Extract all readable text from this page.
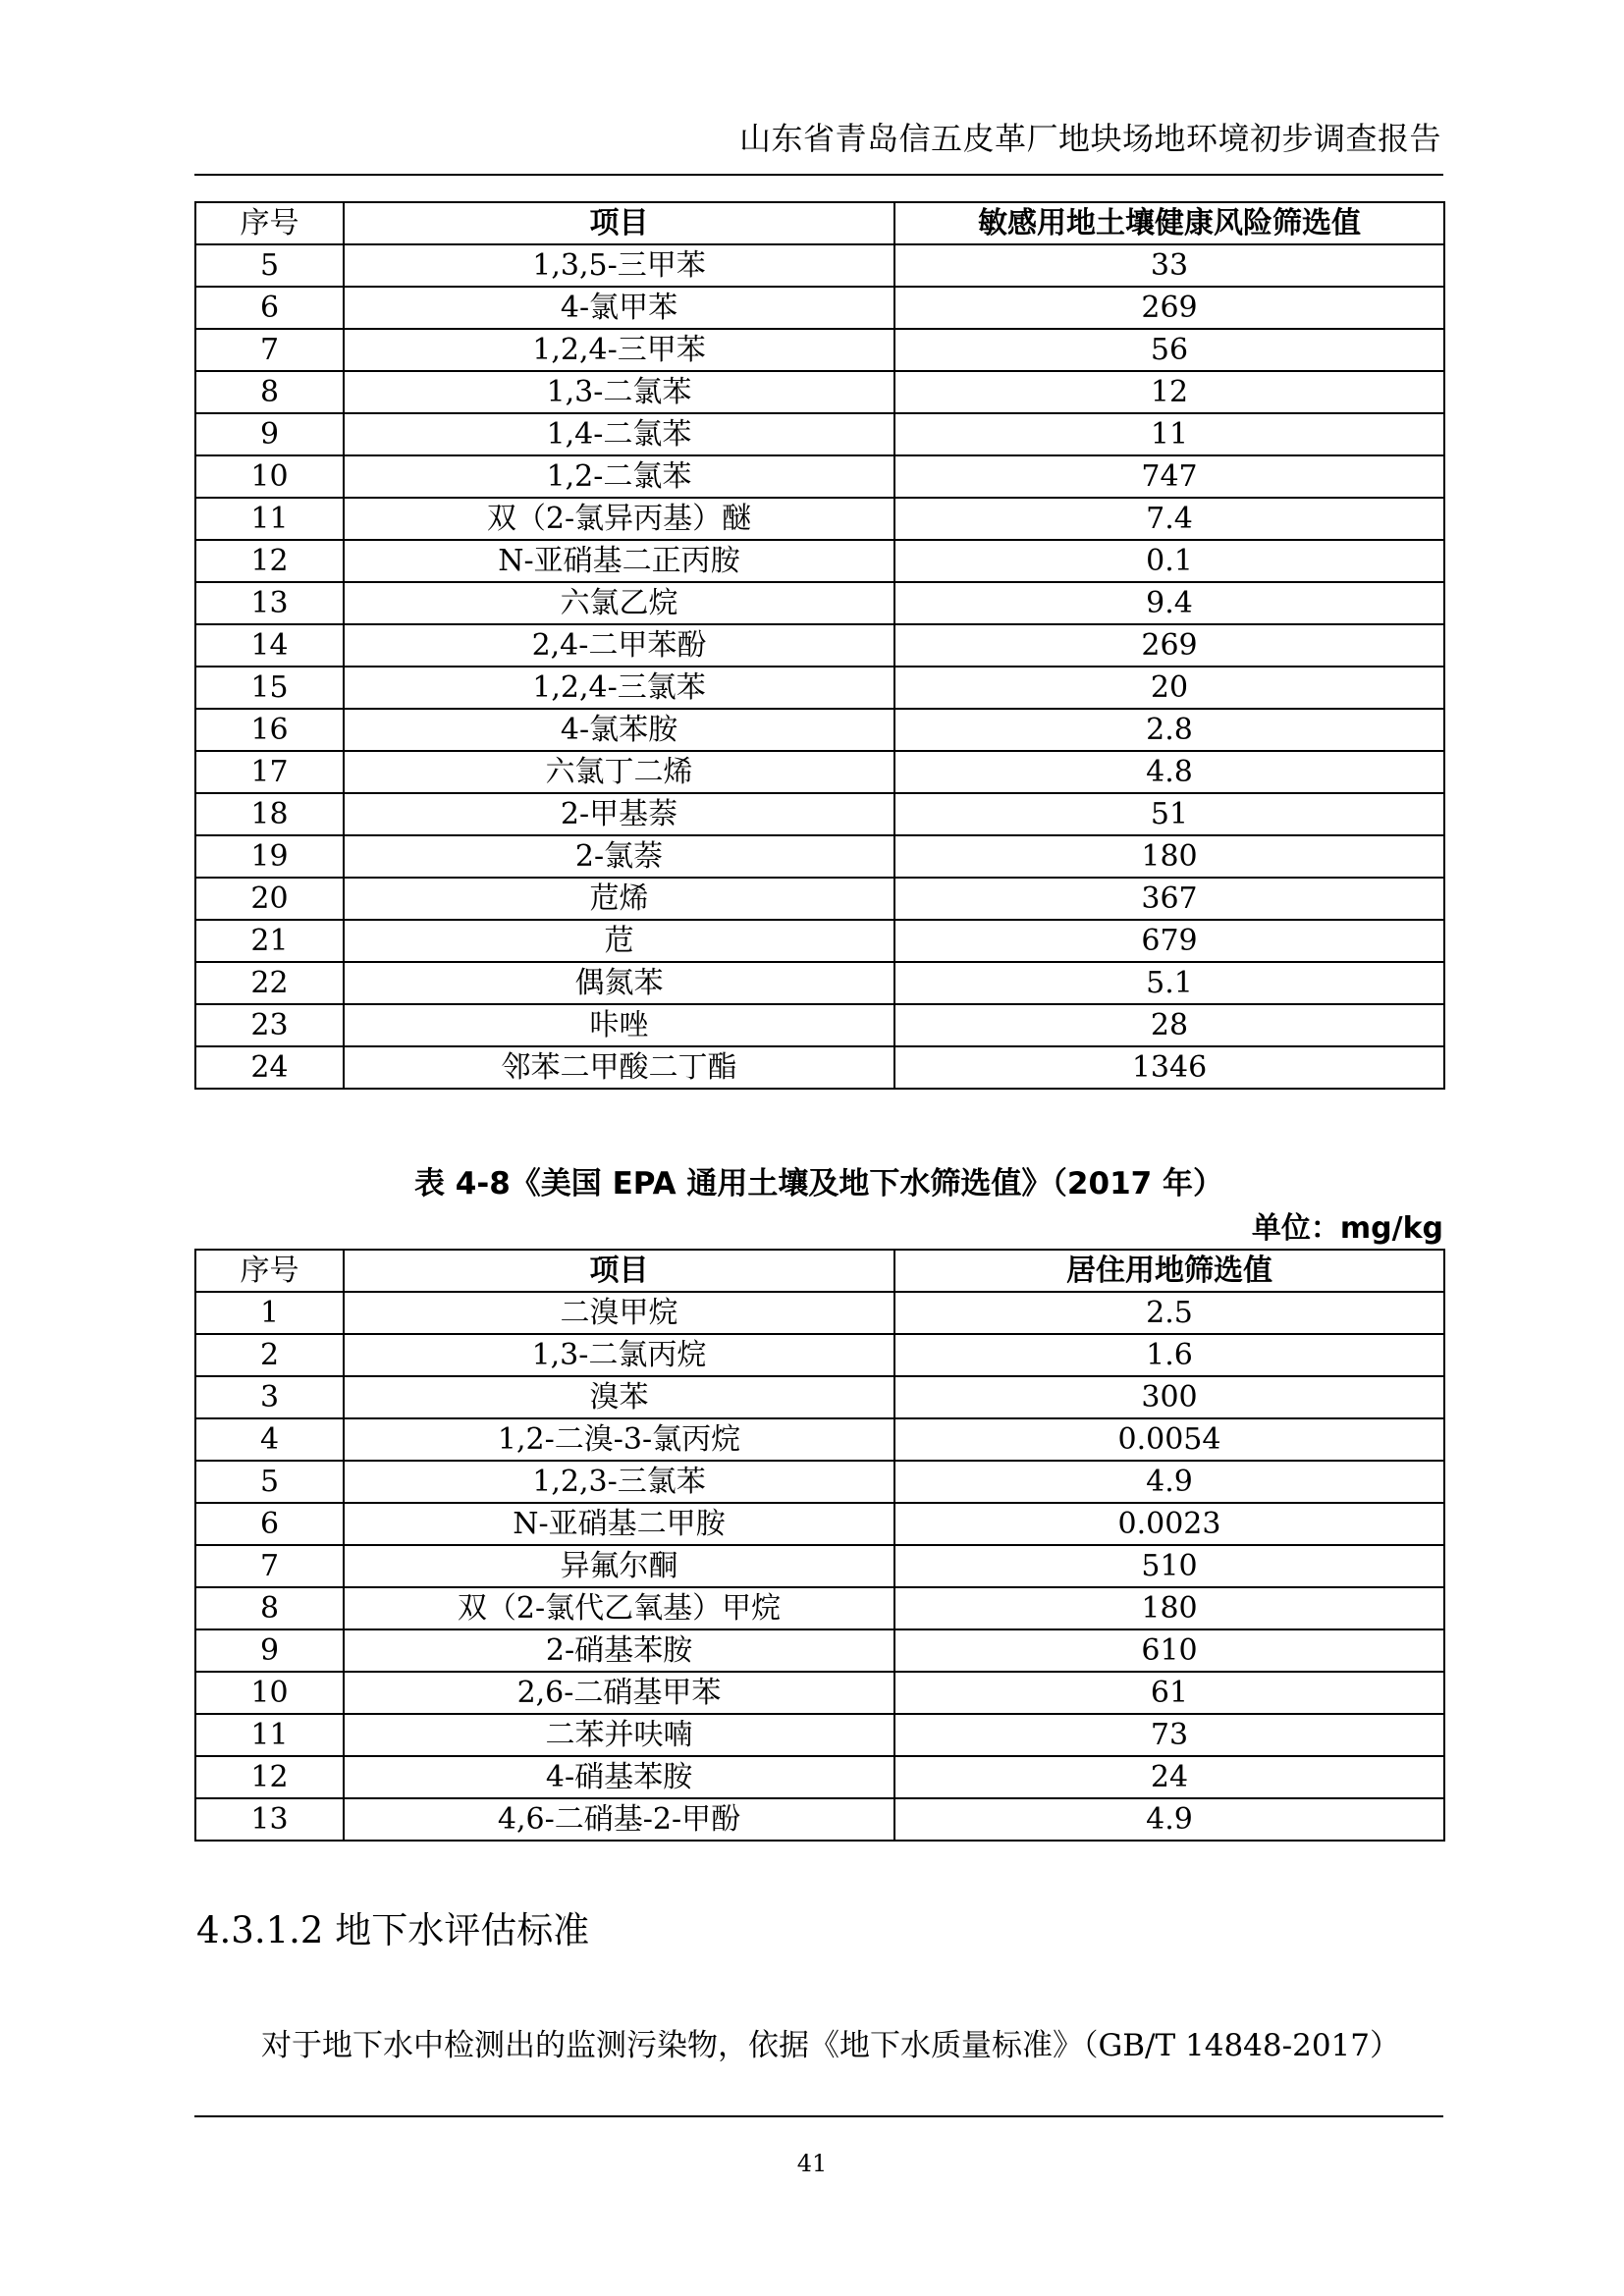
山东省青岛信五皮革厂地块场地环境初步调查报告
序号	项目	敏感用地土壤健康风险筛选值
5	1,3,5-三甲苯	33
6	4-氯甲苯	269
7	1,2,4-三甲苯	56
8	1,3-二氯苯	12
9	1,4-二氯苯	11
10	1,2-二氯苯	747
11	双（2-氯异丙基）醚	7.4
12	N-亚硝基二正丙胺	0.1
13	六氯乙烷	9.4
14	2,4-二甲苯酚	269
15	1,2,4-三氯苯	20
16	4-氯苯胺	2.8
17	六氯丁二烯	4.8
18	2-甲基萘	51
19	2-氯萘	180
20	苊烯	367
21	苊	679
22	偶氮苯	5.1
23	咔唑	28
24	邻苯二甲酸二丁酯	1346
表 4-8《美国 EPA 通用土壤及地下水筛选值》（2017 年）
单位：mg/kg
序号	项目	居住用地筛选值
1	二溴甲烷	2.5
2	1,3-二氯丙烷	1.6
3	溴苯	300
4	1,2-二溴-3-氯丙烷	0.0054
5	1,2,3-三氯苯	4.9
6	N-亚硝基二甲胺	0.0023
7	异氟尔酮	510
8	双（2-氯代乙氧基）甲烷	180
9	2-硝基苯胺	610
10	2,6-二硝基甲苯	61
11	二苯并呋喃	73
12	4-硝基苯胺	24
13	4,6-二硝基-2-甲酚	4.9
4.3.1.2 地下水评估标准
对于地下水中检测出的监测污染物，依据《地下水质量标准》（GB/T 14848-2017）
41
